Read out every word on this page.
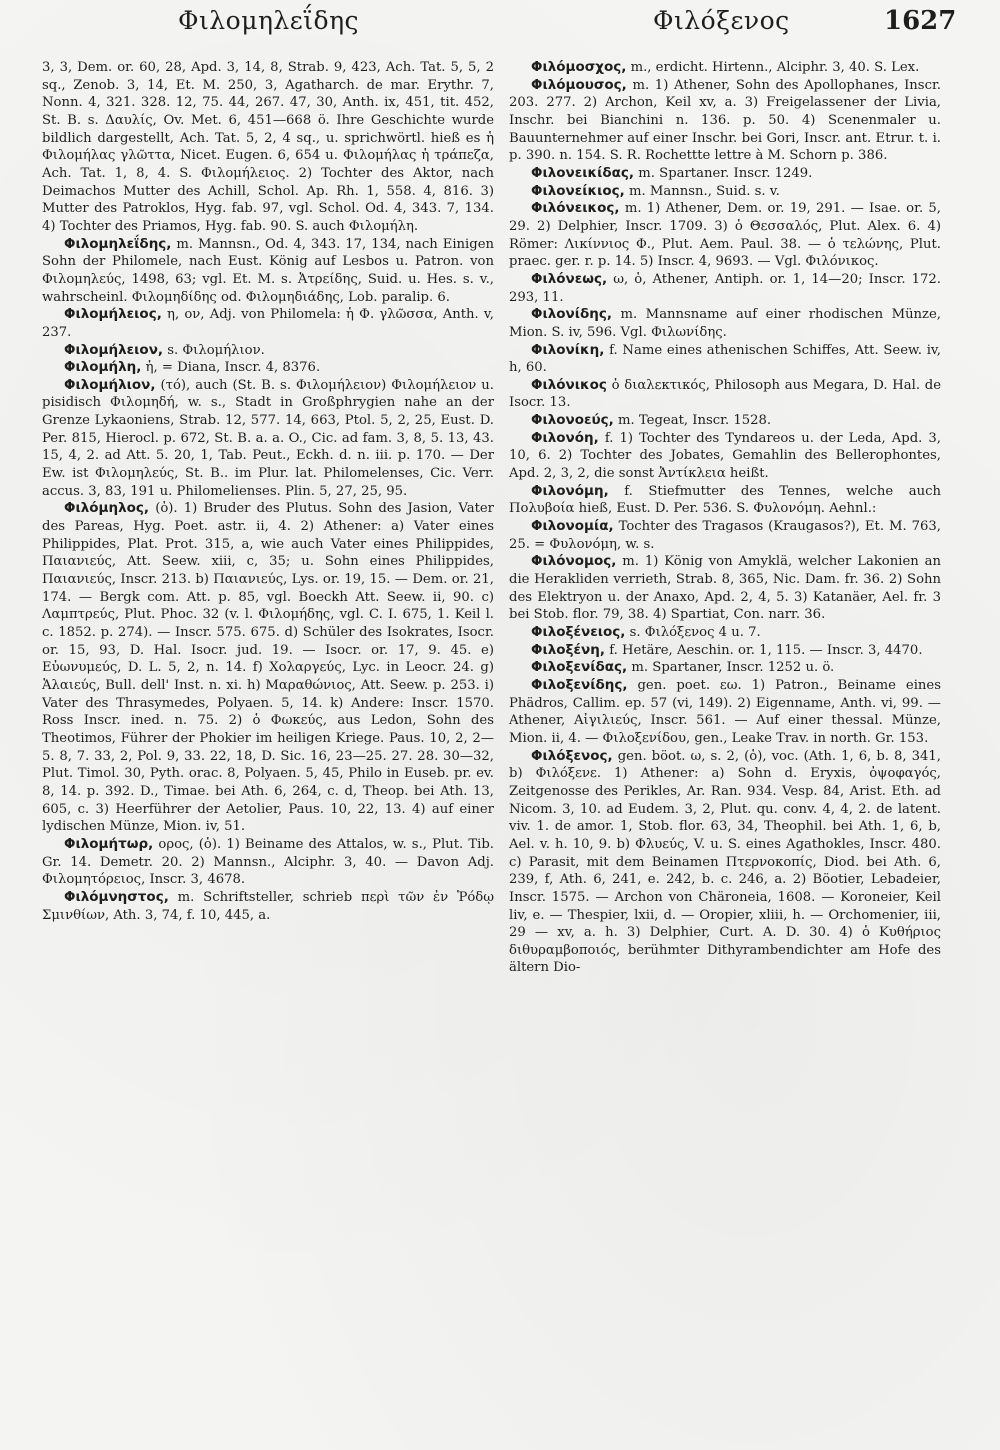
Φιλομηλεΐδης	Φιλόξενος	1627

3, 3, Dem. or. 60, 28, Apd. 3, 14, 8, Strab. 9, 423, Ach. Tat. 5, 5, 2 sq., Zenob. 3, 14, Et. M. 250, 3, Agatharch. de mar. Erythr. 7, Nonn. 4, 321. 328. 12, 75. 44, 267. 47, 30, Anth. ix, 451, tit. 452, St. B. s. Δαυλίς, Ov. Met. 6, 451—668 ö. Ihre Geschichte wurde bildlich dargestellt, Ach. Tat. 5, 2, 4 sq., u. sprichwörtl. hieß es ἡ Φιλομήλας γλῶττα, Nicet. Eugen. 6, 654 u. Φιλομήλας ἡ τράπεζα, Ach. Tat. 1, 8, 4. S. Φιλομήλειος. 2) Tochter des Aktor, nach Deimachos Mutter des Achill, Schol. Ap. Rh. 1, 558. 4, 816. 3) Mutter des Patroklos, Hyg. fab. 97, vgl. Schol. Od. 4, 343. 7, 134. 4) Tochter des Priamos, Hyg. fab. 90. S. auch Φιλομήλη.

Φιλομηλεΐδης, m. Mannsn., Od. 4, 343. 17, 134, nach Einigen Sohn der Philomele, nach Eust. König auf Lesbos u. Patron. von Φιλομηλεύς, 1498, 63; vgl. Et. M. s. Ἀτρείδης, Suid. u. Hes. s. v., wahrscheinl. Φιλομηδίδης od. Φιλομηδιάδης, Lob. paralip. 6.

Φιλομήλειος, η, ον, Adj. von Philomela: ἡ Φ. γλῶσσα, Anth. v, 237.

Φιλομήλειον, s. Φιλομήλιον.

Φιλομήλη, ἡ, = Diana, Inscr. 4, 8376.

Φιλομήλιον, (τό), auch (St. B. s. Φιλομήλειον) Φιλομήλειον u. pisidisch Φιλομηδή, w. s., Stadt in Großphrygien nahe an der Grenze Lykaoniens, Strab. 12, 577. 14, 663, Ptol. 5, 2, 25, Eust. D. Per. 815, Hierocl. p. 672, St. B. a. a. O., Cic. ad fam. 3, 8, 5. 13, 43. 15, 4, 2. ad Att. 5. 20, 1, Tab. Peut., Eckh. d. n. iii. p. 170. — Der Ew. ist Φιλομηλεύς, St. B.. im Plur. lat. Philomelenses, Cic. Verr. accus. 3, 83, 191 u. Philomelienses. Plin. 5, 27, 25, 95.

Φιλόμηλος, (ὁ). 1) Bruder des Plutus. Sohn des Jasion, Vater des Pareas, Hyg. Poet. astr. ii, 4. 2) Athener: a) Vater eines Philippides, Plat. Prot. 315, a, wie auch Vater eines Philippides, Παιανιεύς, Att. Seew. xiii, c, 35; u. Sohn eines Philippides, Παιανιεύς, Inscr. 213. b) Παιανιεύς, Lys. or. 19, 15. — Dem. or. 21, 174. — Bergk com. Att. p. 85, vgl. Boeckh Att. Seew. ii, 90. c) Λαμπτρεύς, Plut. Phoc. 32 (v. l. Φιλομήδης, vgl. C. I. 675, 1. Keil l. c. 1852. p. 274). — Inscr. 575. 675. d) Schüler des Isokrates, Isocr. or. 15, 93, D. Hal. Isocr. jud. 19. — Isocr. or. 17, 9. 45. e) Εὐωνυμεύς, D. L. 5, 2, n. 14. f) Χολαργεύς, Lyc. in Leocr. 24. g) Ἁλαιεύς, Bull. dell' Inst. n. xi. h) Μαραθώνιος, Att. Seew. p. 253. i) Vater des Thrasymedes, Polyaen. 5, 14. k) Andere: Inscr. 1570. Ross Inscr. ined. n. 75. 2) ὁ Φωκεύς, aus Ledon, Sohn des Theotimos, Führer der Phokier im heiligen Kriege. Paus. 10, 2, 2—5. 8, 7. 33, 2, Pol. 9, 33. 22, 18, D. Sic. 16, 23—25. 27. 28. 30—32, Plut. Timol. 30, Pyth. orac. 8, Polyaen. 5, 45, Philo in Euseb. pr. ev. 8, 14. p. 392. D., Timae. bei Ath. 6, 264, c. d, Theop. bei Ath. 13, 605, c. 3) Heerführer der Aetolier, Paus. 10, 22, 13. 4) auf einer lydischen Münze, Mion. iv, 51.

Φιλομήτωρ, ορος, (ὁ). 1) Beiname des Attalos, w. s., Plut. Tib. Gr. 14. Demetr. 20. 2) Mannsn., Alciphr. 3, 40. — Davon Adj. Φιλομητόρειος, Inscr. 3, 4678.

Φιλόμνηστος, m. Schriftsteller, schrieb περὶ τῶν ἐν Ῥόδῳ Σμινθίων, Ath. 3, 74, f. 10, 445, a.

Φιλόμοσχος, m., erdicht. Hirtenn., Alciphr. 3, 40. S. Lex.

Φιλόμουσος, m. 1) Athener, Sohn des Apollophanes, Inscr. 203. 277. 2) Archon, Keil xv, a. 3) Freigelassener der Livia, Inschr. bei Bianchini n. 136. p. 50. 4) Scenenmaler u. Bauunternehmer auf einer Inschr. bei Gori, Inscr. ant. Etrur. t. i. p. 390. n. 154. S. R. Rochettte lettre à M. Schorn p. 386.

Φιλονεικίδας, m. Spartaner. Inscr. 1249.

Φιλονείκιος, m. Mannsn., Suid. s. v.

Φιλόνεικος, m. 1) Athener, Dem. or. 19, 291. — Isae. or. 5, 29. 2) Delphier, Inscr. 1709. 3) ὁ Θεσσαλός, Plut. Alex. 6. 4) Römer: Λικίννιος Φ., Plut. Aem. Paul. 38. — ὁ τελώνης, Plut. praec. ger. r. p. 14. 5) Inscr. 4, 9693. — Vgl. Φιλόνικος.

Φιλόνεως, ω, ὁ, Athener, Antiph. or. 1, 14—20; Inscr. 172. 293, 11.

Φιλονίδης, m. Mannsname auf einer rhodischen Münze, Mion. S. iv, 596. Vgl. Φιλωνίδης.

Φιλονίκη, f. Name eines athenischen Schiffes, Att. Seew. iv, h, 60.

Φιλόνικος ὁ διαλεκτικός, Philosoph aus Megara, D. Hal. de Isocr. 13.

Φιλονοεύς, m. Tegeat, Inscr. 1528.

Φιλονόη, f. 1) Tochter des Tyndareos u. der Leda, Apd. 3, 10, 6. 2) Tochter des Jobates, Gemahlin des Bellerophontes, Apd. 2, 3, 2, die sonst Ἀντίκλεια heißt.

Φιλονόμη, f. Stiefmutter des Tennes, welche auch Πολυβοία hieß, Eust. D. Per. 536. S. Φυλονόμη. Aehnl.:

Φιλονομία, Tochter des Tragasos (Kraugasos?), Et. M. 763, 25. = Φυλονόμη, w. s.

Φιλόνομος, m. 1) König von Amyklä, welcher Lakonien an die Herakliden verrieth, Strab. 8, 365, Nic. Dam. fr. 36. 2) Sohn des Elektryon u. der Anaxo, Apd. 2, 4, 5. 3) Katanäer, Ael. fr. 3 bei Stob. flor. 79, 38. 4) Spartiat, Con. narr. 36.

Φιλοξένειος, s. Φιλόξενος 4 u. 7.

Φιλοξένη, f. Hetäre, Aeschin. or. 1, 115. — Inscr. 3, 4470.

Φιλοξενίδας, m. Spartaner, Inscr. 1252 u. ö.

Φιλοξενίδης, gen. poet. εω. 1) Patron., Beiname eines Phädros, Callim. ep. 57 (vi, 149). 2) Eigenname, Anth. vi, 99. — Athener, Αἰγιλιεύς, Inscr. 561. — Auf einer thessal. Münze, Mion. ii, 4. — Φιλοξενίδου, gen., Leake Trav. in north. Gr. 153.

Φιλόξενος, gen. böot. ω, s. 2, (ὁ), voc. (Ath. 1, 6, b. 8, 341, b) Φιλόξενε. 1) Athener: a) Sohn d. Eryxis, ὀψοφαγός, Zeitgenosse des Perikles, Ar. Ran. 934. Vesp. 84, Arist. Eth. ad Nicom. 3, 10. ad Eudem. 3, 2, Plut. qu. conv. 4, 4, 2. de latent. viv. 1. de amor. 1, Stob. flor. 63, 34, Theophil. bei Ath. 1, 6, b, Ael. v. h. 10, 9. b) Φλυεύς, V. u. S. eines Agathokles, Inscr. 480. c) Parasit, mit dem Beinamen Πτερνοκοπίς, Diod. bei Ath. 6, 239, f, Ath. 6, 241, e. 242, b. c. 246, a. 2) Böotier, Lebadeier, Inscr. 1575. — Archon von Chäroneia, 1608. — Koroneier, Keil liv, e. — Thespier, lxii, d. — Oropier, xliii, h. — Orchomenier, iii, 29 — xv, a. h. 3) Delphier, Curt. A. D. 30. 4) ὁ Κυθήριος διθυραμβοποιός, berühmter Dithyrambendichter am Hofe des ältern Dio-
